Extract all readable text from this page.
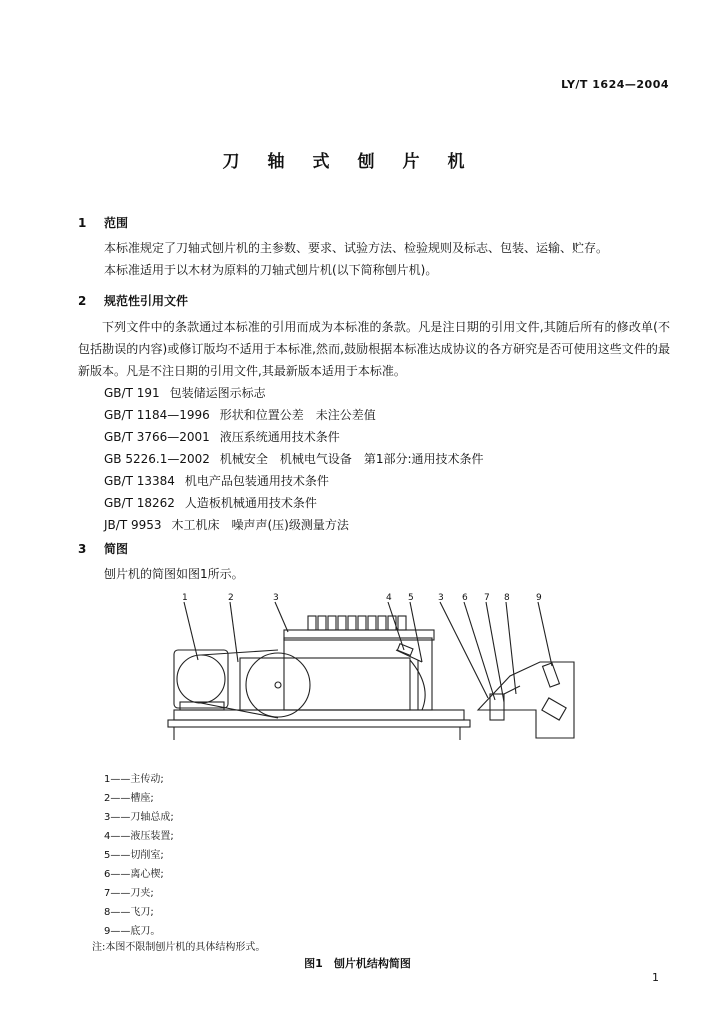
LY/T 1624—2004
刀轴式刨片机
1 范围
本标准规定了刀轴式刨片机的主参数、要求、试验方法、检验规则及标志、包装、运输、贮存。
本标准适用于以木材为原料的刀轴式刨片机(以下简称刨片机)。
2 规范性引用文件
下列文件中的条款通过本标准的引用而成为本标准的条款。凡是注日期的引用文件,其随后所有的修改单(不包括勘误的内容)或修订版均不适用于本标准,然而,鼓励根据本标准达成协议的各方研究是否可使用这些文件的最新版本。凡是不注日期的引用文件,其最新版本适用于本标准。
GB/T 191 包装储运图示标志
GB/T 1184—1996 形状和位置公差　未注公差值
GB/T 3766—2001 液压系统通用技术条件
GB 5226.1—2002 机械安全　机械电气设备　第1部分:通用技术条件
GB/T 13384 机电产品包装通用技术条件
GB/T 18262 人造板机械通用技术条件
JB/T 9953 木工机床　噪声声(压)级测量方法
3 简图
刨片机的简图如图1所示。
1	2	3	4 5	3 6 7 8	9
1——主传动;
2——槽座;
3——刀轴总成;
4——液压装置;
5——切削室;
6——离心楔;
7——刀夹;
8——飞刀;
9——底刀。
注:本图不限制刨片机的具体结构形式。
图1　刨片机结构简图
1
